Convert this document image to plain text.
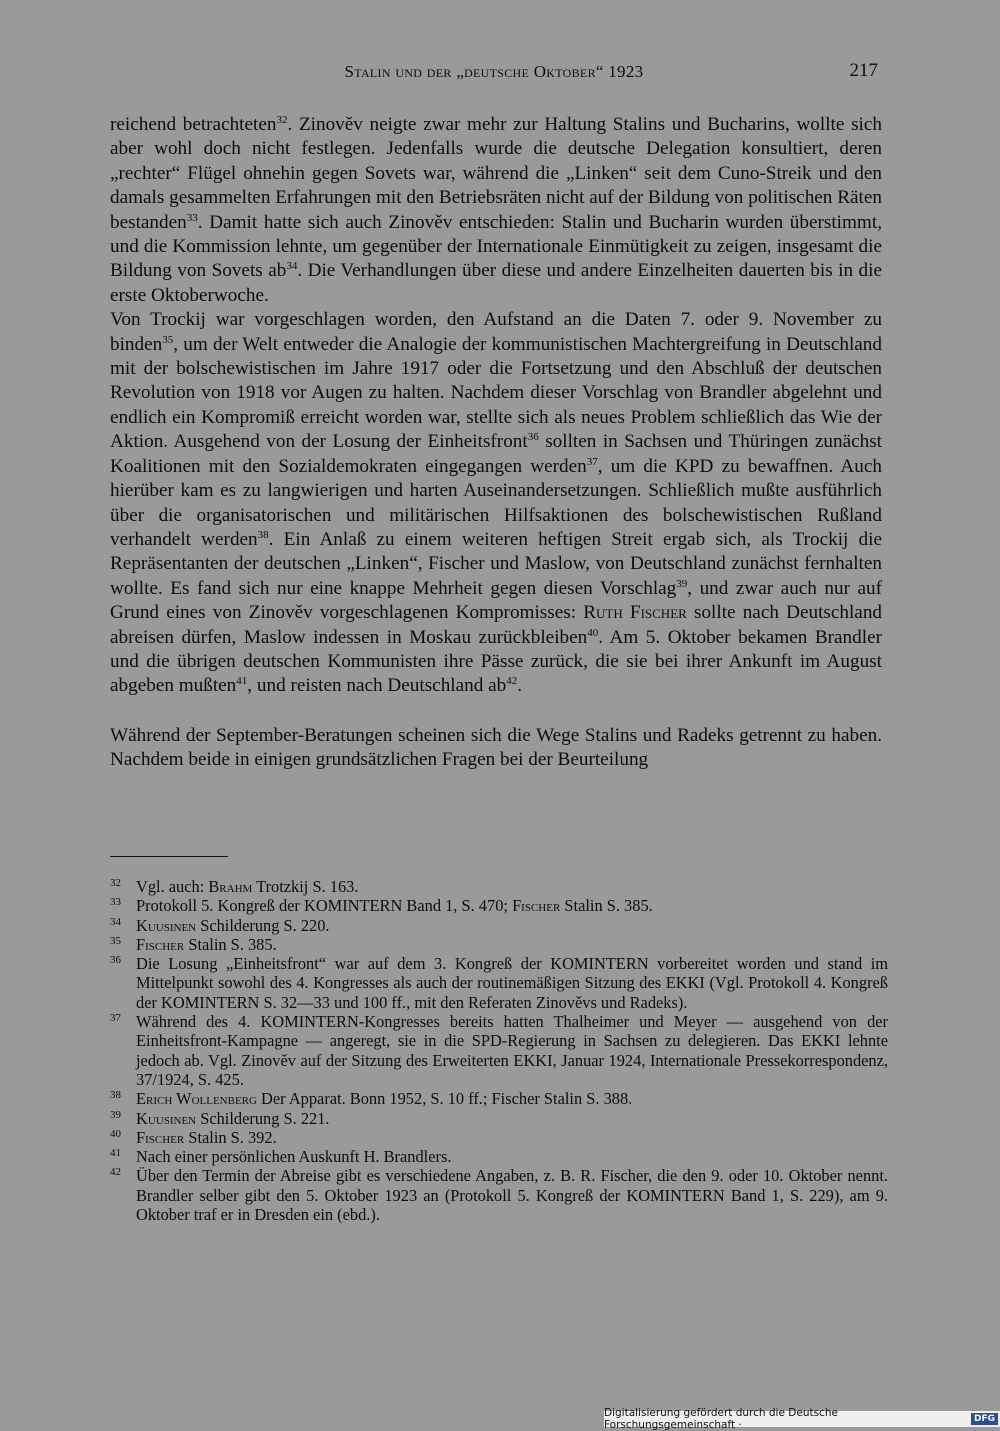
Stalin und der „deutsche Oktober“ 1923	217

reichend betrachteten$^{32}$. Zinověv neigte zwar mehr zur Haltung Stalins und Bucharins, wollte sich aber wohl doch nicht festlegen. Jedenfalls wurde die deutsche Delegation konsultiert, deren „rechter“ Flügel ohnehin gegen Sovets war, während die „Linken“ seit dem Cuno-Streik und den damals gesammelten Erfahrungen mit den Betriebsräten nicht auf der Bildung von politischen Räten bestanden$^{33}$. Damit hatte sich auch Zinověv entschieden: Stalin und Bucharin wurden überstimmt, und die Kommission lehnte, um gegenüber der Internationale Einmütigkeit zu zeigen, insgesamt die Bildung von Sovets $ab^{34}$. Die Verhandlungen über diese und andere Einzelheiten dauerten bis in die erste Oktoberwoche.

Von Trockij war vorgeschlagen worden, den Aufstand an die Daten 7. oder 9. November zu binden$^{35}$, um der Welt entweder die Analogie der kommunistischen Machtergreifung in Deutschland mit der bolschewistischen im Jahre 1917 oder die Fortsetzung und den Abschluß der deutschen Revolution von 1918 vor Augen zu halten. Nachdem dieser Vorschlag von Brandler abgelehnt und endlich ein Kompromiß erreicht worden war, stellte sich als neues Problem schließlich das Wie der Aktion. Ausgehend von der Losung der Einheitsfront$^{36}$ sollten in Sachsen und Thüringen zunächst Koalitionen mit den Sozialdemokraten eingegangen werden$^{37}$, um die KPD zu bewaffnen. Auch hierüber kam es zu langwierigen und harten Auseinandersetzungen. Schließlich mußte ausführlich über die organisatorischen und militärischen Hilfsaktionen des bolschewistischen Rußland verhandelt werden$^{38}$. Ein Anlaß zu einem weiteren heftigen Streit ergab sich, als Trockij die Repräsentanten der deutschen „Linken“, Fischer und Maslow, von Deutschland zunächst fernhalten wollte. Es fand sich nur eine knappe Mehrheit gegen diesen Vorschlag$^{39}$, und zwar auch nur auf Grund eines von Zinověv vorgeschlagenen Kompromisses: Ruth Fischer sollte nach Deutschland abreisen dürfen, Maslow indessen in Moskau zurückbleiben$^{40}$. Am 5. Oktober bekamen Brandler und die übrigen deutschen Kommunisten ihre Pässe zurück, die sie bei ihrer Ankunft im August abgeben mußten$^{41}$, und reisten nach Deutschland $ab^{42}$.

Während der September-Beratungen scheinen sich die Wege Stalins und Radeks getrennt zu haben. Nachdem beide in einigen grundsätzlichen Fragen bei der Beurteilung

32 Vgl. auch: Brahm Trotzkij S. 163.
33 Protokoll 5. Kongreß der KOMINTERN Band 1, S. 470; Fischer Stalin S. 385.
34 Kuusinen Schilderung S. 220.
35 Fischer Stalin S. 385.
36 Die Losung „Einheitsfront“ war auf dem 3. Kongreß der KOMINTERN vorbereitet worden und stand im Mittelpunkt sowohl des 4. Kongresses als auch der routinemäßigen Sitzung des EKKI (Vgl. Protokoll 4. Kongreß der KOMINTERN S. 32—33 und 100 ff., mit den Referaten Zinověvs und Radeks).
37 Während des 4. KOMINTERN-Kongresses bereits hatten Thalheimer und Meyer — ausgehend von der Einheitsfront-Kampagne — angeregt, sie in die SPD-Regierung in Sachsen zu delegieren. Das EKKI lehnte jedoch ab. Vgl. Zinověv auf der Sitzung des Erweiterten EKKI, Januar 1924, Internationale Pressekorrespondenz, 37/1924, S. 425.
38 Erich Wollenberg Der Apparat. Bonn 1952, S. 10 ff.; Fischer Stalin S. 388.
39 Kuusinen Schilderung S. 221.
40 Fischer Stalin S. 392.
41 Nach einer persönlichen Auskunft H. Brandlers.
42 Über den Termin der Abreise gibt es verschiedene Angaben, z. B. R. Fischer, die den 9. oder 10. Oktober nennt. Brandler selber gibt den 5. Oktober 1923 an (Protokoll 5. Kongreß der KOMINTERN Band 1, S. 229), am 9. Oktober traf er in Dresden ein (ebd.).
Digitalisierung gefördert durch die Deutsche Forschungsgemeinschaft ·	DFG
